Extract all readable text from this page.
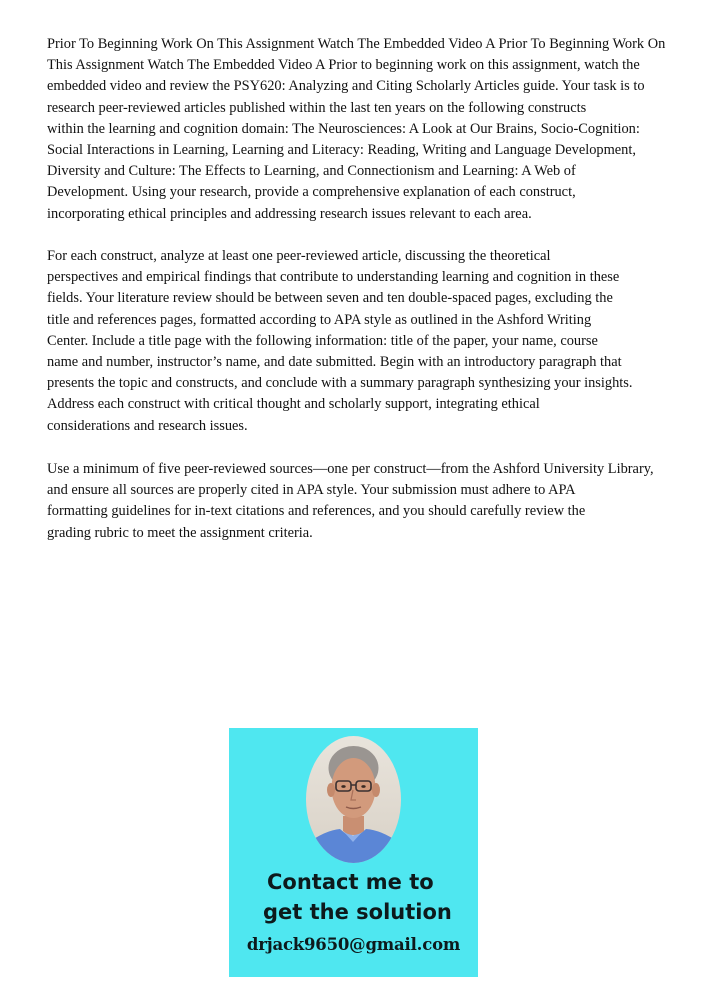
Prior To Beginning Work On This Assignment Watch The Embedded Video A Prior To Beginning Work On
This Assignment Watch The Embedded Video A Prior to beginning work on this assignment, watch the
embedded video and review the PSY620: Analyzing and Citing Scholarly Articles guide. Your task is to
research peer-reviewed articles published within the last ten years on the following constructs
within the learning and cognition domain: The Neurosciences: A Look at Our Brains, Socio-Cognition:
Social Interactions in Learning, Learning and Literacy: Reading, Writing and Language Development,
Diversity and Culture: The Effects to Learning, and Connectionism and Learning: A Web of
Development. Using your research, provide a comprehensive explanation of each construct,
incorporating ethical principles and addressing research issues relevant to each area.

For each construct, analyze at least one peer-reviewed article, discussing the theoretical
perspectives and empirical findings that contribute to understanding learning and cognition in these
fields. Your literature review should be between seven and ten double-spaced pages, excluding the
title and references pages, formatted according to APA style as outlined in the Ashford Writing
Center. Include a title page with the following information: title of the paper, your name, course
name and number, instructor’s name, and date submitted. Begin with an introductory paragraph that
presents the topic and constructs, and conclude with a summary paragraph synthesizing your insights.
Address each construct with critical thought and scholarly support, integrating ethical
considerations and research issues.

Use a minimum of five peer-reviewed sources—one per construct—from the Ashford University Library,
and ensure all sources are properly cited in APA style. Your submission must adhere to APA
formatting guidelines for in-text citations and references, and you should carefully review the
grading rubric to meet the assignment criteria.

Contact me to
get the solution
drjack9650@gmail.com
